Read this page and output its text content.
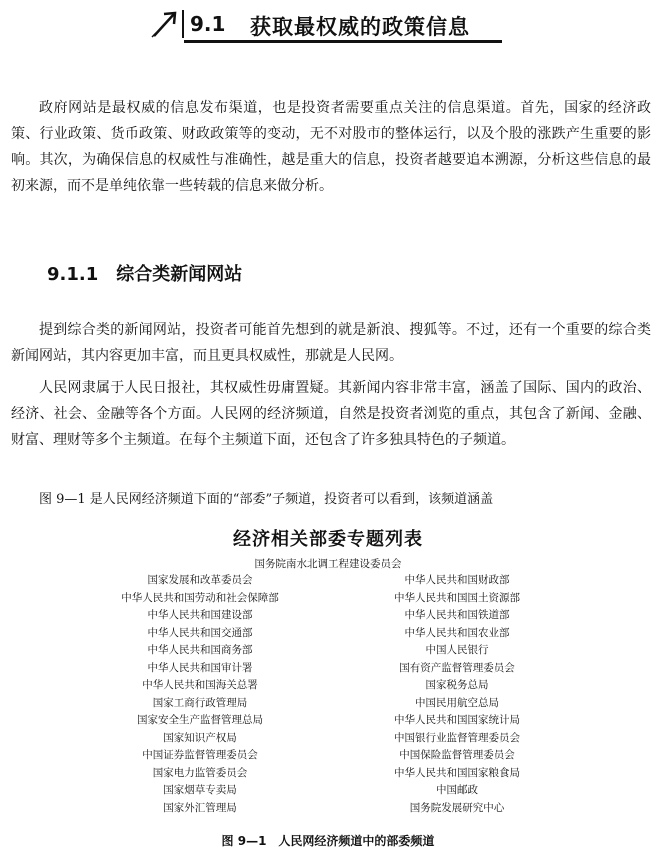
9.1 获取最权威的政策信息
政府网站是最权威的信息发布渠道，也是投资者需要重点关注的信息渠道。首先，国家的经济政策、行业政策、货币政策、财政政策等的变动，无不对股市的整体运行，以及个股的涨跌产生重要的影响。其次，为确保信息的权威性与准确性，越是重大的信息，投资者越要追本溯源，分析这些信息的最初来源，而不是单纯依靠一些转载的信息来做分析。
9.1.1 综合类新闻网站
提到综合类的新闻网站，投资者可能首先想到的就是新浪、搜狐等。不过，还有一个重要的综合类新闻网站，其内容更加丰富，而且更具权威性，那就是人民网。
人民网隶属于人民日报社，其权威性毋庸置疑。其新闻内容非常丰富，涵盖了国际、国内的政治、经济、社会、金融等各个方面。人民网的经济频道，自然是投资者浏览的重点，其包含了新闻、金融、财富、理财等多个主频道。在每个主频道下面，还包含了许多独具特色的子频道。
图 9—1 是人民网经济频道下面的“部委”子频道，投资者可以看到，该频道涵盖
经济相关部委专题列表
国务院南水北调工程建设委员会
国家发展和改革委员会
中华人民共和国劳动和社会保障部
中华人民共和国建设部
中华人民共和国交通部
中华人民共和国商务部
中华人民共和国审计署
中华人民共和国海关总署
国家工商行政管理局
国家安全生产监督管理总局
国家知识产权局
中国证券监督管理委员会
国家电力监管委员会
国家烟草专卖局
国家外汇管理局
中华人民共和国财政部
中华人民共和国国土资源部
中华人民共和国铁道部
中华人民共和国农业部
中国人民银行
国有资产监督管理委员会
国家税务总局
中国民用航空总局
中华人民共和国国家统计局
中国银行业监督管理委员会
中国保险监督管理委员会
中华人民共和国国家粮食局
中国邮政
国务院发展研究中心
图 9—1　人民网经济频道中的部委频道
